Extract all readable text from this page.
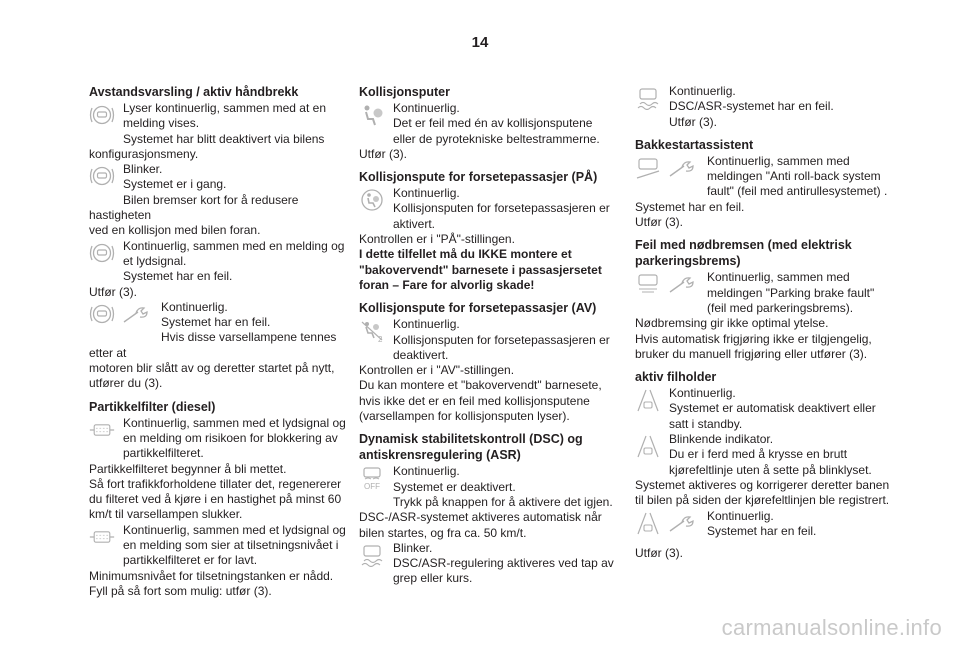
14
Avstandsvarsling / aktiv håndbrekk
Lyser kontinuerlig, sammen med at en
melding vises.
Systemet har blitt deaktivert via bilens
konfigurasjonsmeny.
Blinker.
Systemet er i gang.
Bilen bremser kort for å redusere hastigheten
ved en kollisjon med bilen foran.
Kontinuerlig, sammen med en melding og
et lydsignal.
Systemet har en feil.
Utfør (3).
Kontinuerlig.
Systemet har en feil.
Hvis disse varsellampene tennes etter at
motoren blir slått av og deretter startet på nytt,
utfører du (3).
Partikkelfilter (diesel)
Kontinuerlig, sammen med et lydsignal og
en melding om risikoen for blokkering av
partikkelfilteret.
Partikkelfilteret begynner å bli mettet.
Så fort trafikkforholdene tillater det, regenererer
du filteret ved å kjøre i en hastighet på minst 60
km/t til varsellampen slukker.
Kontinuerlig, sammen med et lydsignal og
en melding som sier at tilsetningsnivået i
partikkelfilteret er for lavt.
Minimumsnivået for tilsetningstanken er nådd.
Fyll på så fort som mulig: utfør (3).
Kollisjonsputer
Kontinuerlig.
Det er feil med én av kollisjonsputene
eller de pyrotekniske beltestrammerne.
Utfør (3).
Kollisjonspute for forsetepassasjer (PÅ)
Kontinuerlig.
Kollisjonsputen for forsetepassasjeren er
aktivert.
Kontrollen er i "PÅ"-stillingen.
I dette tilfellet må du IKKE montere et
"bakovervendt" barnesete i passasjersetet
foran – Fare for alvorlig skade!
Kollisjonspute for forsetepassasjer (AV)
2
Kontinuerlig.
Kollisjonsputen for forsetepassasjeren er
deaktivert.
Kontrollen er i "AV"-stillingen.
Du kan montere et "bakovervendt" barnesete,
hvis ikke det er en feil med kollisjonsputene
(varsellampen for kollisjonsputen lyser).
Dynamisk stabilitetskontroll (DSC) og
antiskrensregulering (ASR)
OFF
Kontinuerlig.
Systemet er deaktivert.
Trykk på knappen for å aktivere det igjen.
DSC-/ASR-systemet aktiveres automatisk når
bilen startes, og fra ca. 50 km/t.
Blinker.
DSC/ASR-regulering aktiveres ved tap av
grep eller kurs.
Kontinuerlig.
DSC/ASR-systemet har en feil.
Utfør (3).
Bakkestartassistent
Kontinuerlig, sammen med
meldingen "Anti roll-back system
fault" (feil med antirullesystemet) .
Systemet har en feil.
Utfør (3).
Feil med nødbremsen (med elektrisk
parkeringsbrems)
Kontinuerlig, sammen med
meldingen "Parking brake fault"
(feil med parkeringsbrems).
Nødbremsing gir ikke optimal ytelse.
Hvis automatisk frigjøring ikke er tilgjengelig,
bruker du manuell frigjøring eller utfører (3).
aktiv filholder
Kontinuerlig.
Systemet er automatisk deaktivert eller
satt i standby.
Blinkende indikator.
Du er i ferd med å krysse en brutt
kjørefeltlinje uten å sette på blinklyset.
Systemet aktiveres og korrigerer deretter banen
til bilen på siden der kjørefeltlinjen ble registrert.
Kontinuerlig.
Systemet har en feil.
Utfør (3).
carmanualsonline.info
